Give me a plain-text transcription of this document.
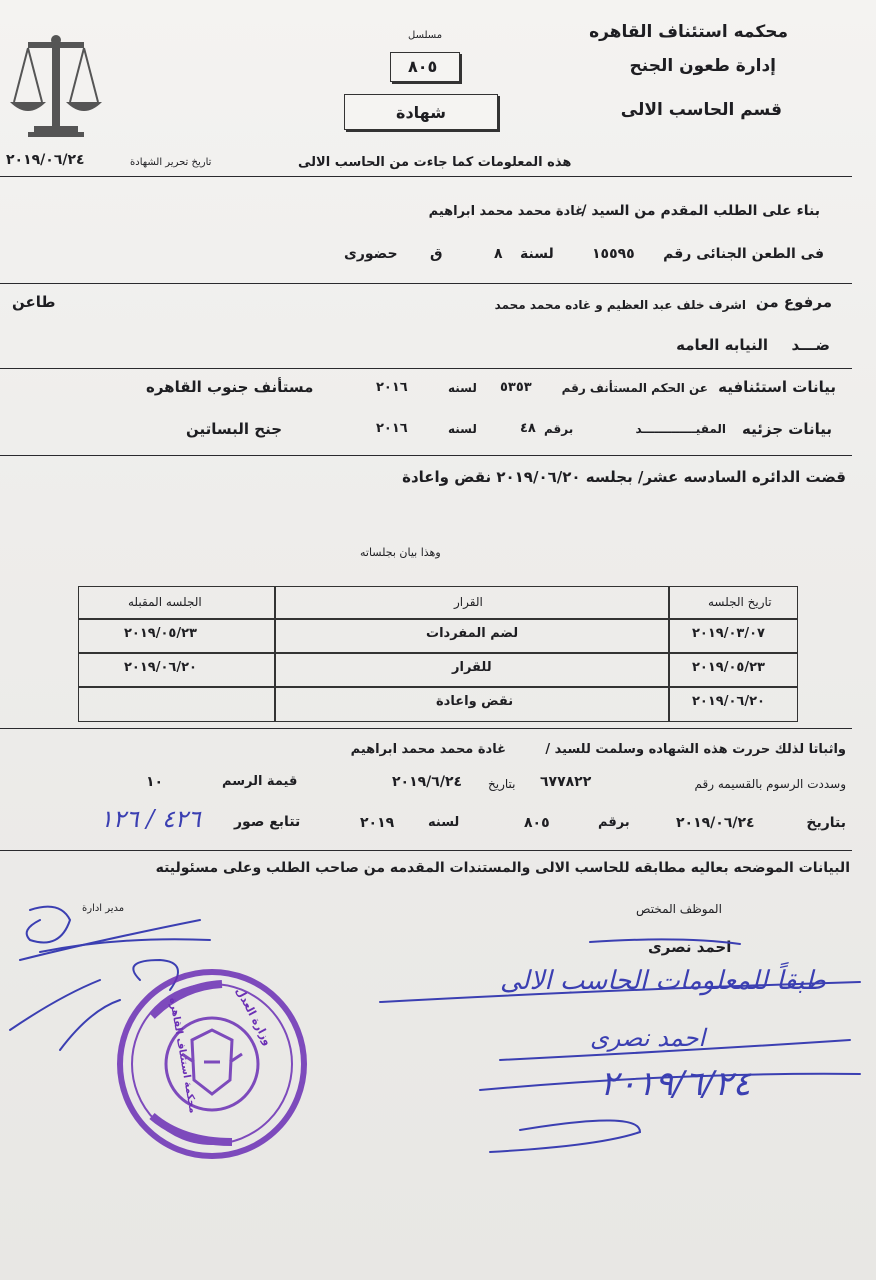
محكمه استئناف القاهره
إدارة طعون الجنح
قسم الحاسب الالى
مسلسل
٨٠٥
شهادة
٢٠١٩/٠٦/٢٤	تاريخ تحرير الشهادة	هذه المعلومات كما جاءت من الحاسب الالى
بناء على الطلب المقدم من السيد /
غادة محمد محمد ابراهيم
فى الطعن الجنائى رقم
١٥٥٩٥
لسنة
٨
ق
حضورى
مرفوع من
اشرف خلف عبد العظيم و غاده محمد محمد
طاعن
ضـــد
النيابه العامه
بيانات استئنافيه
عن الحكم المستأنف رقم
٥٣٥٣
لسنه
٢٠١٦
مستأنف جنوب القاهره
بيانات جزئيه
المقيـــــــــــــد
برقم
٤٨
لسنه
٢٠١٦
جنح البساتين
قضت الدائره السادسه عشر/ بجلسه ٢٠١٩/٠٦/٢٠ نقض واعادة
وهذا بيان بجلساته
تاريخ الجلسه
القرار
الجلسه المقبله
٢٠١٩/٠٣/٠٧
لضم المفردات
٢٠١٩/٠٥/٢٣
٢٠١٩/٠٥/٢٣
للقرار
٢٠١٩/٠٦/٢٠
٢٠١٩/٠٦/٢٠
نقض واعادة
واثباتا لذلك حررت هذه الشهاده وسلمت للسيد /
غادة محمد محمد ابراهيم
وسددت الرسوم بالقسيمه رقم
٦٧٧٨٢٢
بتاريخ
٢٠١٩/٦/٢٤
قيمة الرسم
١٠
بتاريخ
٢٠١٩/٠٦/٢٤
برقم
٨٠٥
لسنه
٢٠١٩
تتابع صور
٤٢٦ / ١٢٦
البيانات الموضحه بعاليه مطابقه للحاسب الالى والمستندات المقدمه من صاحب الطلب وعلى مسئوليته
الموظف المختص
مدير ادارة
احمد نصرى
طبقاً للمعلومات الحاسب الالى
احمد نصرى
٢٠١٩/٦/٢٤
وزارة العدل
محكمة استئناف القاهرة
